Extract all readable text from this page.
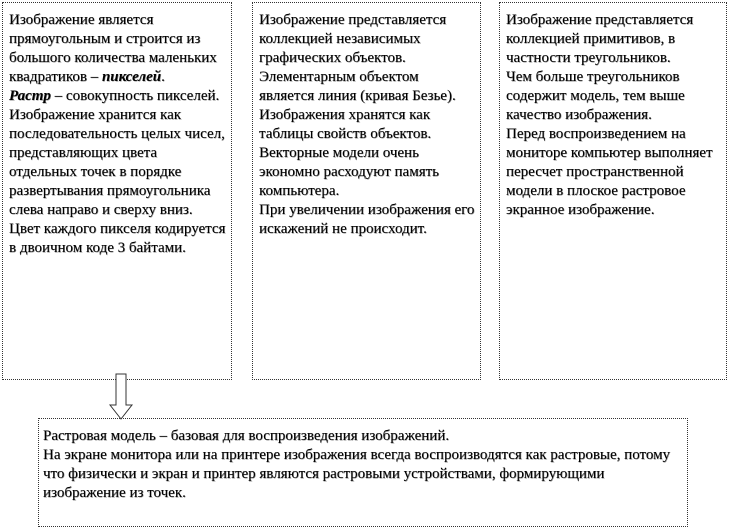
Изображение является прямоугольным и строится из большого количества маленьких квадратиков – пикселей.
Растр – совокупность пикселей.
Изображение хранится как последовательность целых чисел, представляющих цвета отдельных точек в порядке развертывания прямоугольника слева направо и сверху вниз.
Цвет каждого пикселя кодируется в двоичном коде 3 байтами.
Изображение представляется коллекцией независимых графических объектов.
Элементарным объектом является линия (кривая Безье).
Изображения хранятся как таблицы свойств объектов.
Векторные модели очень экономно расходуют память компьютера.
При увеличении изображения его искажений не происходит.
Изображение представляется коллекцией примитивов, в частности треугольников.
Чем больше треугольников содержит модель, тем выше качество изображения.
Перед воспроизведением на мониторе компьютер выполняет пересчет пространственной модели в плоское растровое экранное изображение.
Растровая модель – базовая для воспроизведения изображений.
На экране монитора или на принтере изображения всегда воспроизводятся как растровые, потому что физически и экран и принтер являются растровыми устройствами, формирующими изображение из точек.
